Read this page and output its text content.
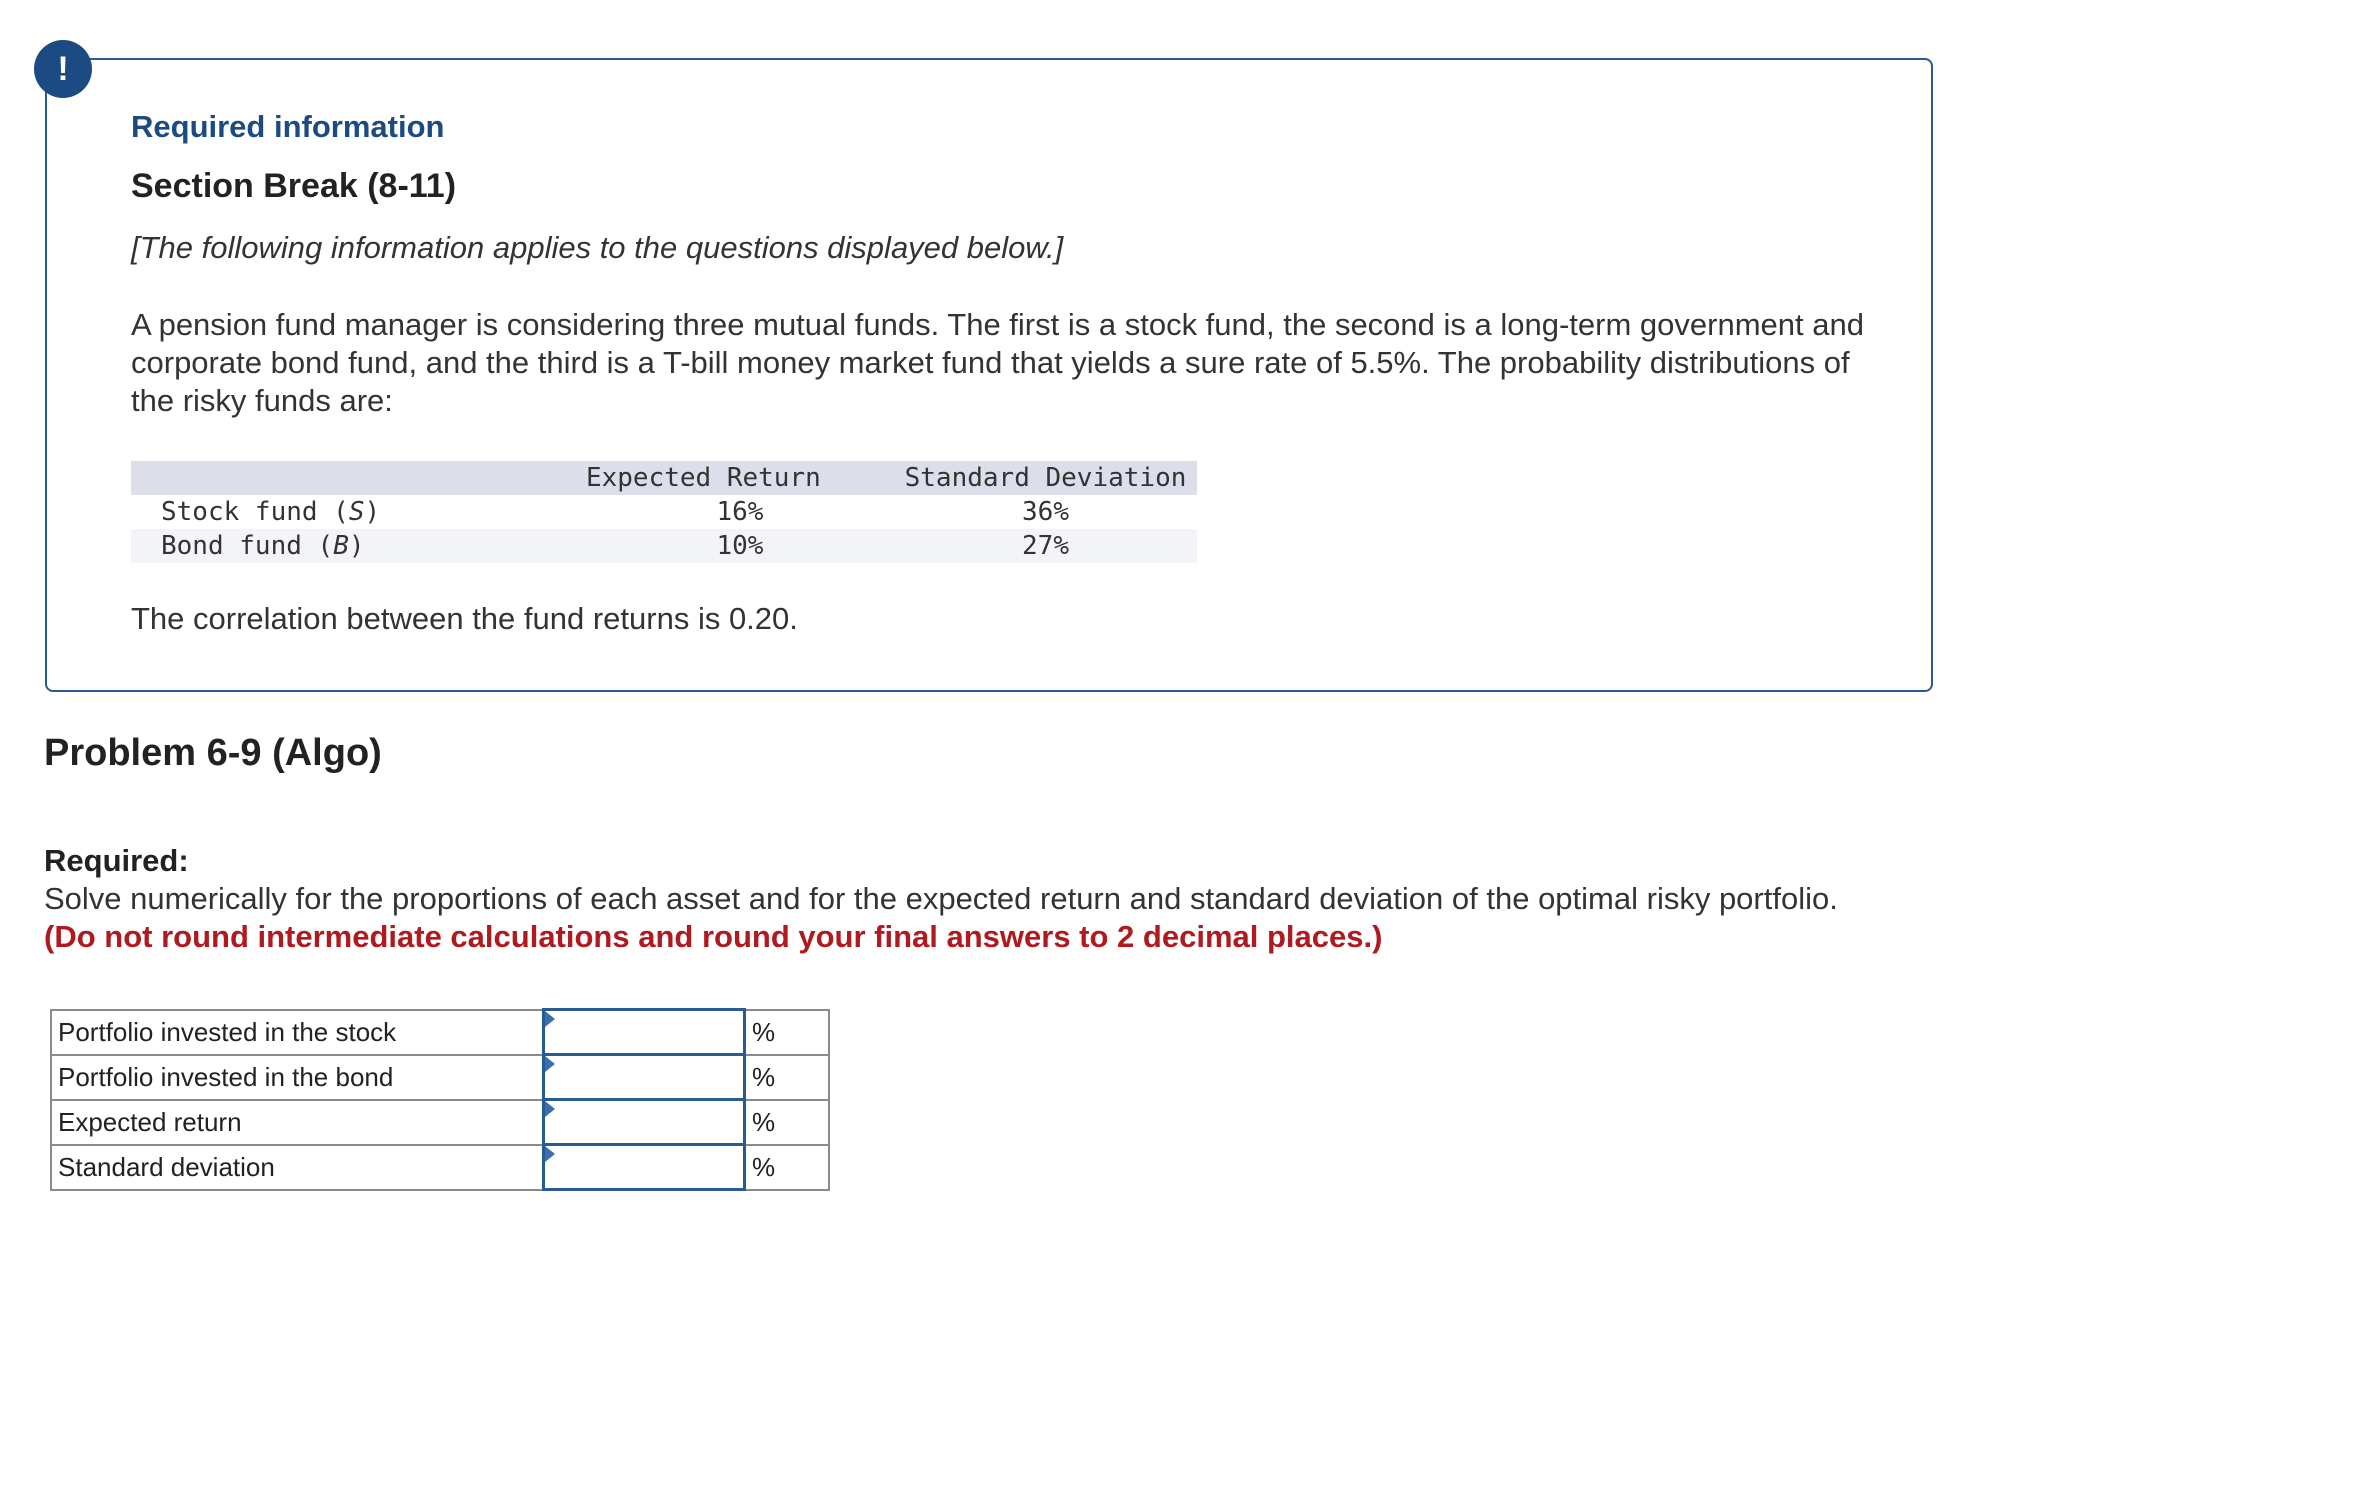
!
Required information
Section Break (8-11)

[The following information applies to the questions displayed below.]

A pension fund manager is considering three mutual funds. The first is a stock fund, the second is a long-term government and corporate bond fund, and the third is a T-bill money market fund that yields a sure rate of 5.5%. The probability distributions of the risky funds are:

	Expected Return	Standard Deviation
Stock fund (S)	16%	36%
Bond fund (B)	10%	27%

The correlation between the fund returns is 0.20.

Problem 6-9 (Algo)

Required:

Solve numerically for the proportions of each asset and for the expected return and standard deviation of the optimal risky portfolio. (Do not round intermediate calculations and round your final answers to 2 decimal places.)

Portfolio invested in the stock		%
Portfolio invested in the bond		%
Expected return		%
Standard deviation		%
